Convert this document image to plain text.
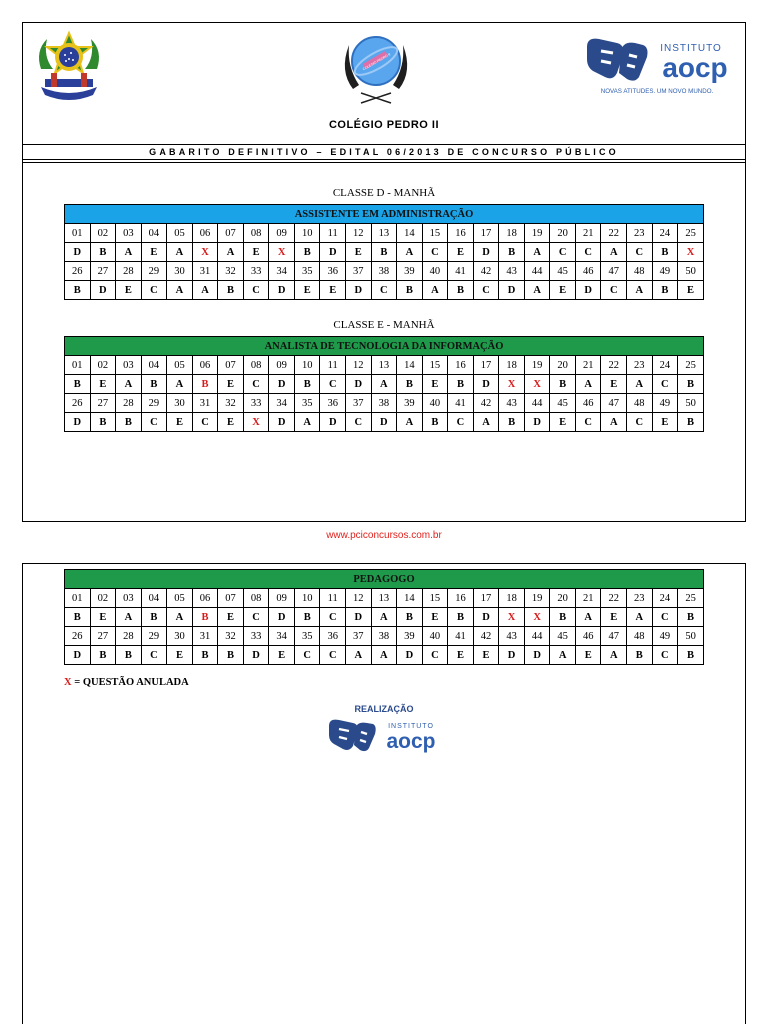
COLÉGIO PEDRO II
INSTITUTO
aocp
NOVAS ATITUDES. UM NOVO MUNDO.
COLÉGIO PEDRO II
GABARITO DEFINITIVO – EDITAL 06/2013 DE CONCURSO PÚBLICO
CLASSE D - MANHÃ
ASSISTENTE EM ADMINISTRAÇÃO																								
01	02	03	04	05	06	07	08	09	10	11	12	13	14	15	16	17	18	19	20	21	22	23	24	25
D	B	A	E	A	X	A	E	X	B	D	E	B	A	C	E	D	B	A	C	C	A	C	B	X
26	27	28	29	30	31	32	33	34	35	36	37	38	39	40	41	42	43	44	45	46	47	48	49	50
B	D	E	C	A	A	B	C	D	E	E	D	C	B	A	B	C	D	A	E	D	C	A	B	E
CLASSE E - MANHÃ
ANALISTA DE TECNOLOGIA DA INFORMAÇÃO																								
01	02	03	04	05	06	07	08	09	10	11	12	13	14	15	16	17	18	19	20	21	22	23	24	25
B	E	A	B	A	B	E	C	D	B	C	D	A	B	E	B	D	X	X	B	A	E	A	C	B
26	27	28	29	30	31	32	33	34	35	36	37	38	39	40	41	42	43	44	45	46	47	48	49	50
D	B	B	C	E	C	E	X	D	A	D	C	D	A	B	C	A	B	D	E	C	A	C	E	B
www.pciconcursos.com.br
PEDAGOGO																								
01	02	03	04	05	06	07	08	09	10	11	12	13	14	15	16	17	18	19	20	21	22	23	24	25
B	E	A	B	A	B	E	C	D	B	C	D	A	B	E	B	D	X	X	B	A	E	A	C	B
26	27	28	29	30	31	32	33	34	35	36	37	38	39	40	41	42	43	44	45	46	47	48	49	50
D	B	B	C	E	B	B	D	E	C	C	A	A	D	C	E	E	D	D	A	E	A	B	C	B
X = QUESTÃO ANULADA
REALIZAÇÃO
INSTITUTO
aocp
